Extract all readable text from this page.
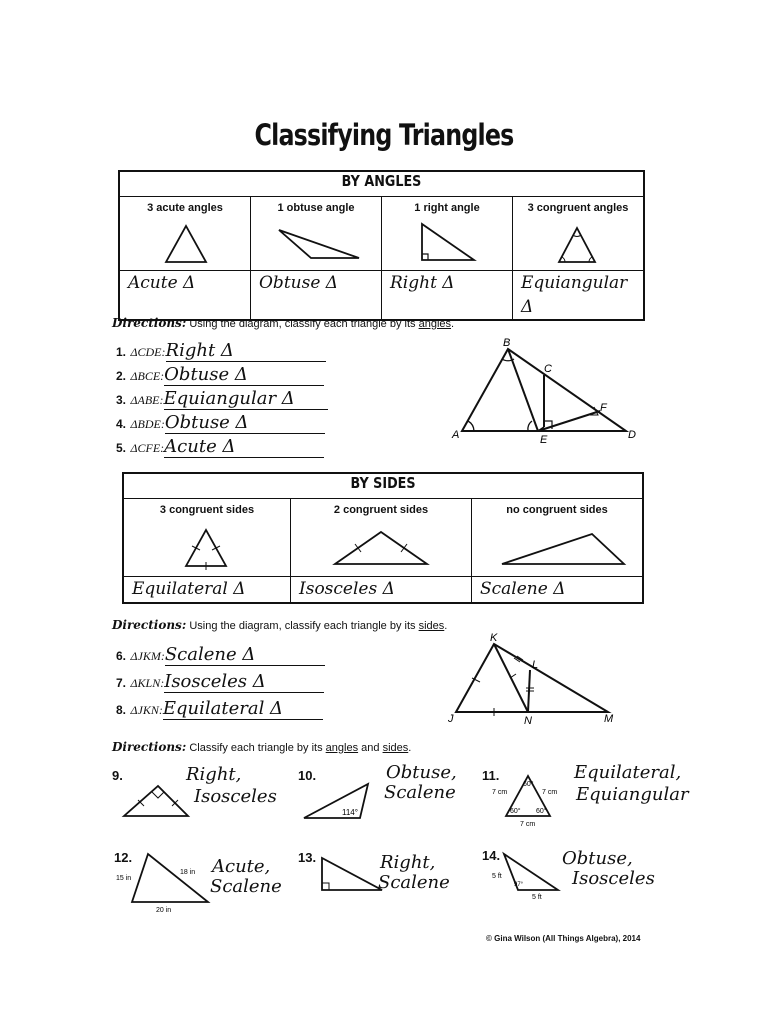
Classifying Triangles
BY ANGLES			

3 acute angles	1 obtuse angle	1 right angle	3 congruent angles

Acute Δ	Obtuse Δ	Right Δ	Equiangular Δ
Directions: Using the diagram, classify each triangle by its angles.
1. ΔCDE:Right Δ
2. ΔBCE:Obtuse Δ
3. ΔABE:Equiangular Δ
4. ΔBDE:Obtuse Δ
5. ΔCFE:Acute Δ
B
C
F
A	E	D
BY SIDES		

3 congruent sides	2 congruent sides	no congruent sides

Equilateral Δ	Isosceles Δ	Scalene Δ
Directions: Using the diagram, classify each triangle by its sides.
6. ΔJKM:Scalene Δ
7. ΔKLN:Isosceles Δ
8. ΔJKN:Equilateral Δ
K
L
J	N	M
Directions: Classify each triangle by its angles and sides.
9.	Right,
Isosceles
10.
114°
Obtuse,
Scalene
11.
60°
60° 60°
7 cm	7 cm
7 cm
Equilateral,
Equiangular
12.
15 in
18 in
20 in
Acute,
Scalene
13.	Right,
Scalene
14.
5 ft
97°
5 ft
Obtuse,
Isosceles
© Gina Wilson (All Things Algebra), 2014
